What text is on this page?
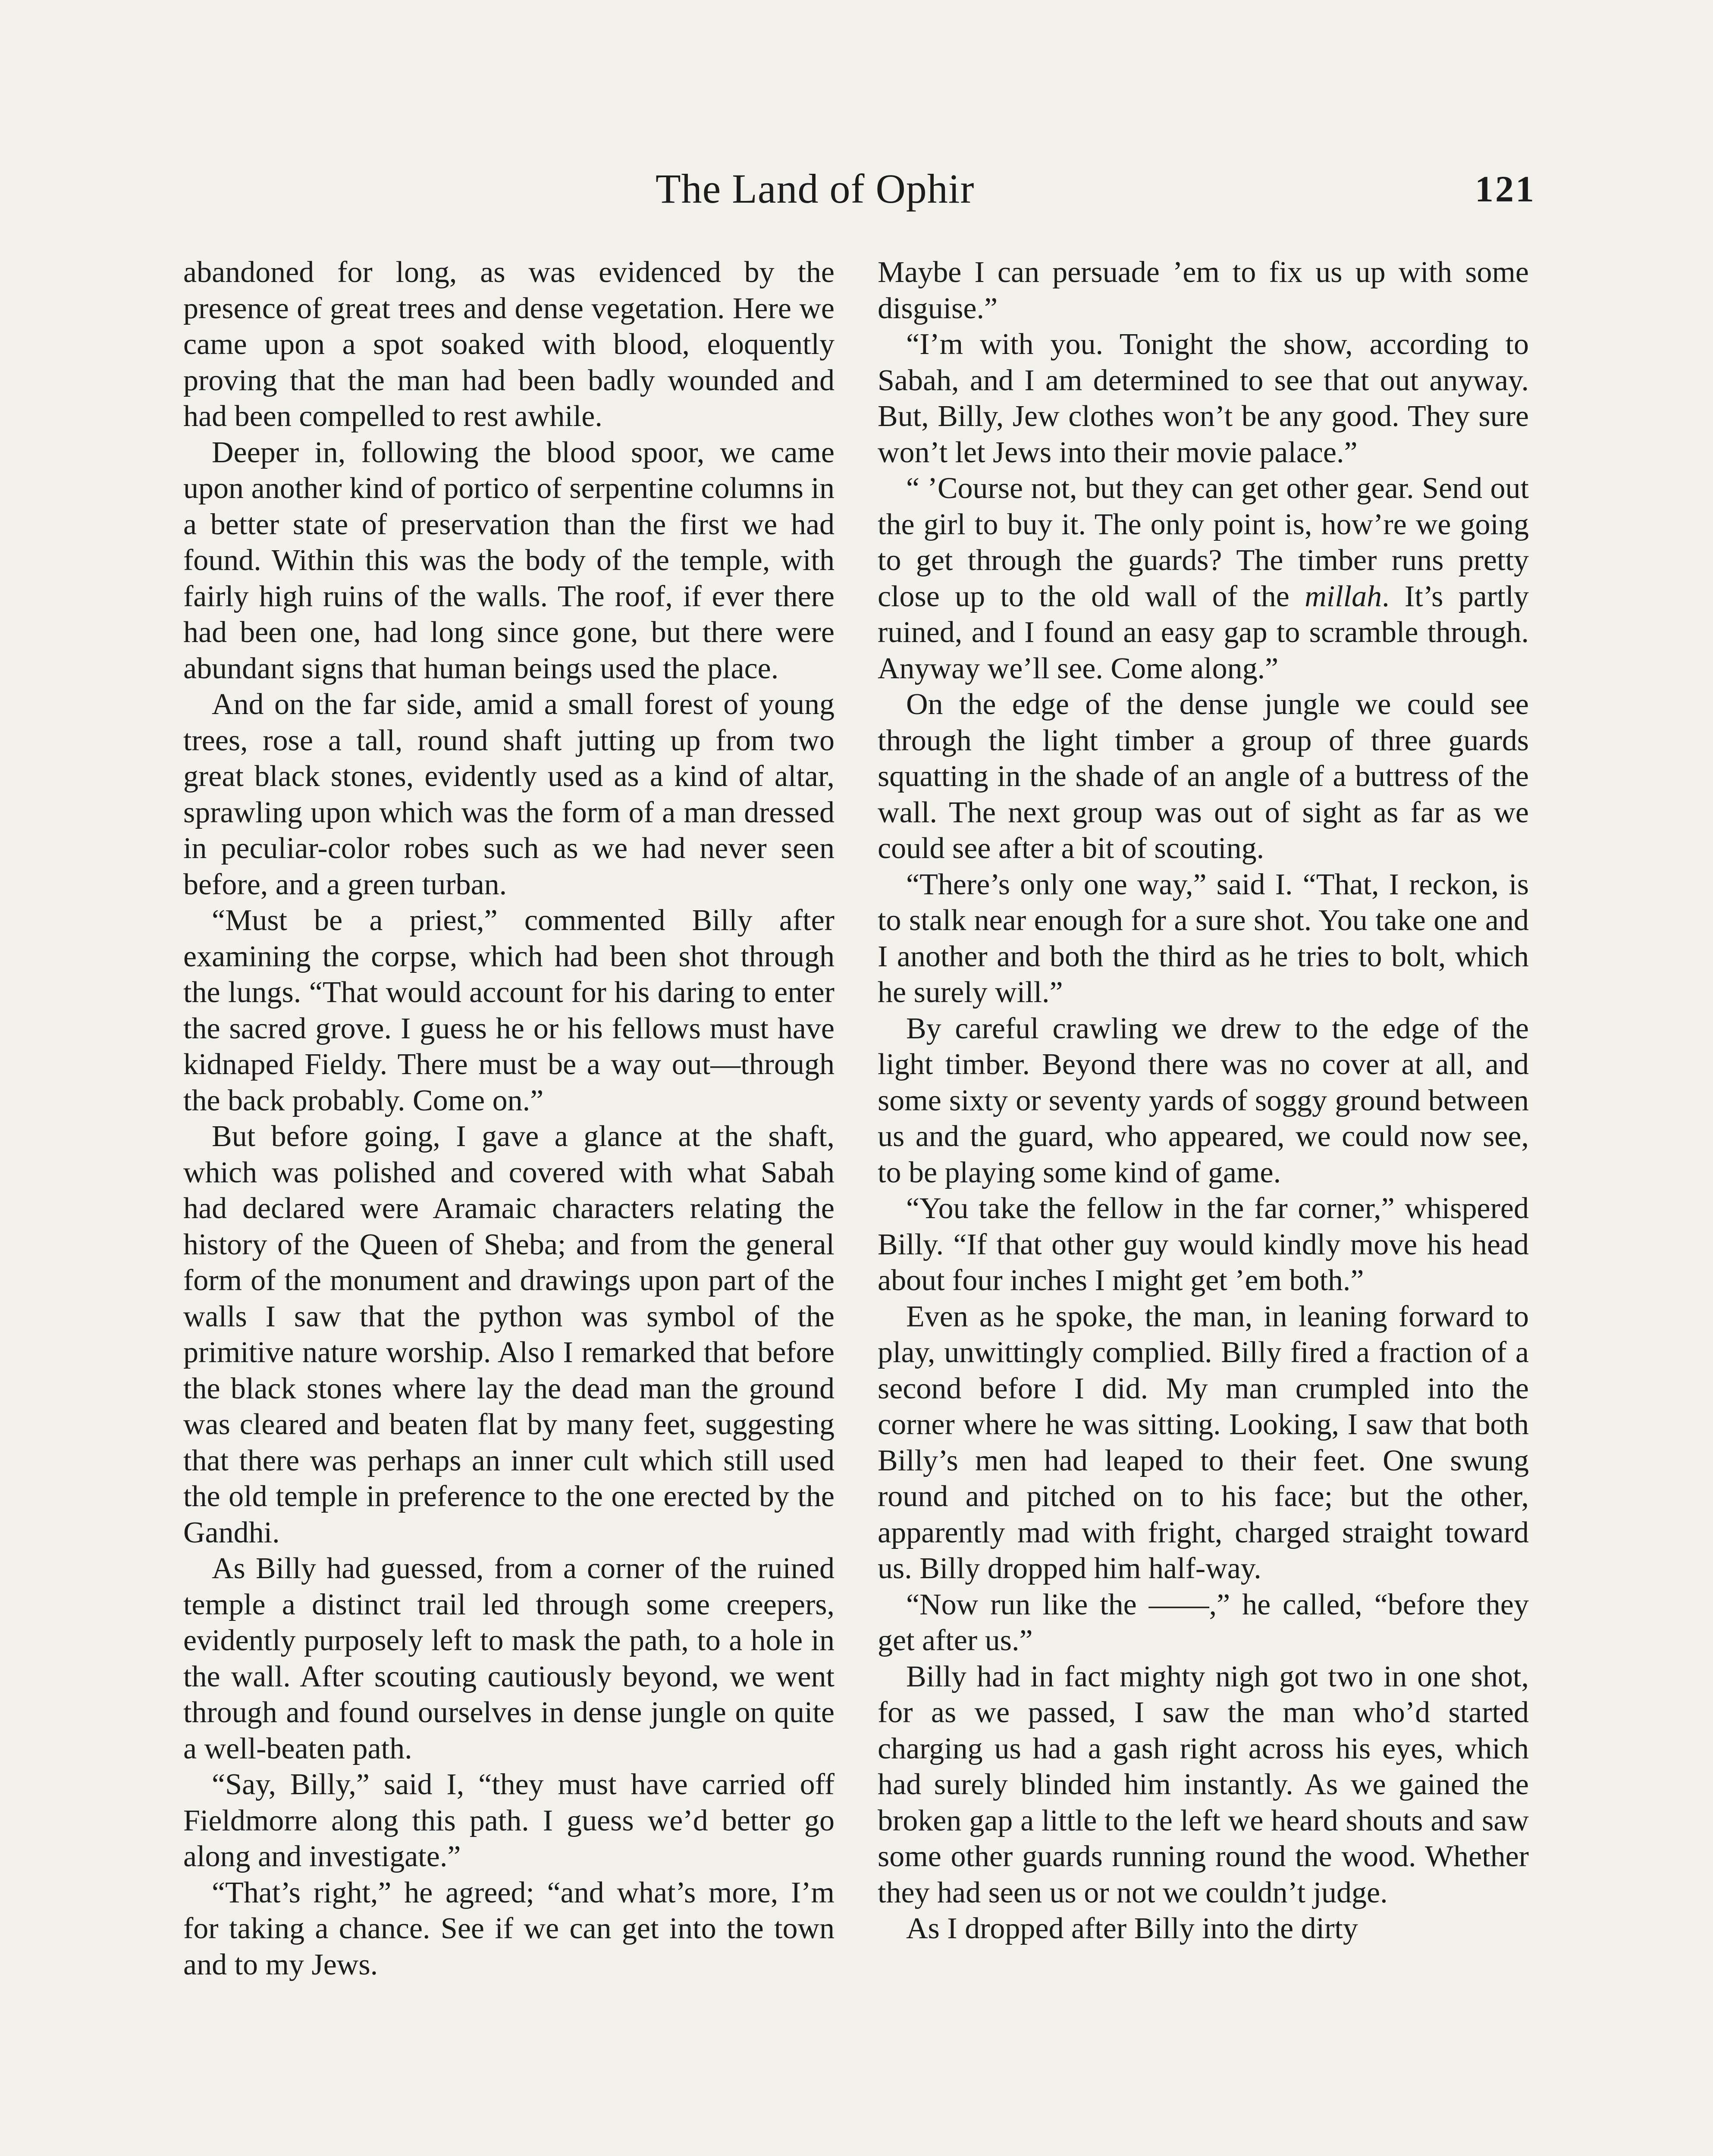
The Land of Ophir	121

abandoned for long, as was evidenced by the presence of great trees and dense vegetation. Here we came upon a spot soaked with blood, eloquently proving that the man had been badly wounded and had been compelled to rest awhile.

Deeper in, following the blood spoor, we came upon another kind of portico of serpentine columns in a better state of preservation than the first we had found. Within this was the body of the temple, with fairly high ruins of the walls. The roof, if ever there had been one, had long since gone, but there were abundant signs that human beings used the place.

And on the far side, amid a small forest of young trees, rose a tall, round shaft jutting up from two great black stones, evidently used as a kind of altar, sprawling upon which was the form of a man dressed in peculiar-color robes such as we had never seen before, and a green turban.

“Must be a priest,” commented Billy after examining the corpse, which had been shot through the lungs. “That would account for his daring to enter the sacred grove. I guess he or his fellows must have kidnaped Fieldy. There must be a way out—through the back probably. Come on.”

But before going, I gave a glance at the shaft, which was polished and covered with what Sabah had declared were Aramaic characters relating the history of the Queen of Sheba; and from the general form of the monument and drawings upon part of the walls I saw that the python was symbol of the primitive nature worship. Also I remarked that before the black stones where lay the dead man the ground was cleared and beaten flat by many feet, suggesting that there was perhaps an inner cult which still used the old temple in preference to the one erected by the Gandhi.

As Billy had guessed, from a corner of the ruined temple a distinct trail led through some creepers, evidently purposely left to mask the path, to a hole in the wall. After scouting cautiously beyond, we went through and found ourselves in dense jungle on quite a well-beaten path.

“Say, Billy,” said I, “they must have carried off Fieldmorre along this path. I guess we’d better go along and investigate.”

“That’s right,” he agreed; “and what’s more, I’m for taking a chance. See if we can get into the town and to my Jews.

Maybe I can persuade ’em to fix us up with some disguise.”

“I’m with you. Tonight the show, according to Sabah, and I am determined to see that out anyway. But, Billy, Jew clothes won’t be any good. They sure won’t let Jews into their movie palace.”

“ ’Course not, but they can get other gear. Send out the girl to buy it. The only point is, how’re we going to get through the guards? The timber runs pretty close up to the old wall of the millah. It’s partly ruined, and I found an easy gap to scramble through. Anyway we’ll see. Come along.”

On the edge of the dense jungle we could see through the light timber a group of three guards squatting in the shade of an angle of a buttress of the wall. The next group was out of sight as far as we could see after a bit of scouting.

“There’s only one way,” said I. “That, I reckon, is to stalk near enough for a sure shot. You take one and I another and both the third as he tries to bolt, which he surely will.”

By careful crawling we drew to the edge of the light timber. Beyond there was no cover at all, and some sixty or seventy yards of soggy ground between us and the guard, who appeared, we could now see, to be playing some kind of game.

“You take the fellow in the far corner,” whispered Billy. “If that other guy would kindly move his head about four inches I might get ’em both.”

Even as he spoke, the man, in leaning forward to play, unwittingly complied. Billy fired a fraction of a second before I did. My man crumpled into the corner where he was sitting. Looking, I saw that both Billy’s men had leaped to their feet. One swung round and pitched on to his face; but the other, apparently mad with fright, charged straight toward us. Billy dropped him half-way.

“Now run like the ——,” he called, “before they get after us.”

Billy had in fact mighty nigh got two in one shot, for as we passed, I saw the man who’d started charging us had a gash right across his eyes, which had surely blinded him instantly. As we gained the broken gap a little to the left we heard shouts and saw some other guards running round the wood. Whether they had seen us or not we couldn’t judge.

As I dropped after Billy into the dirty
